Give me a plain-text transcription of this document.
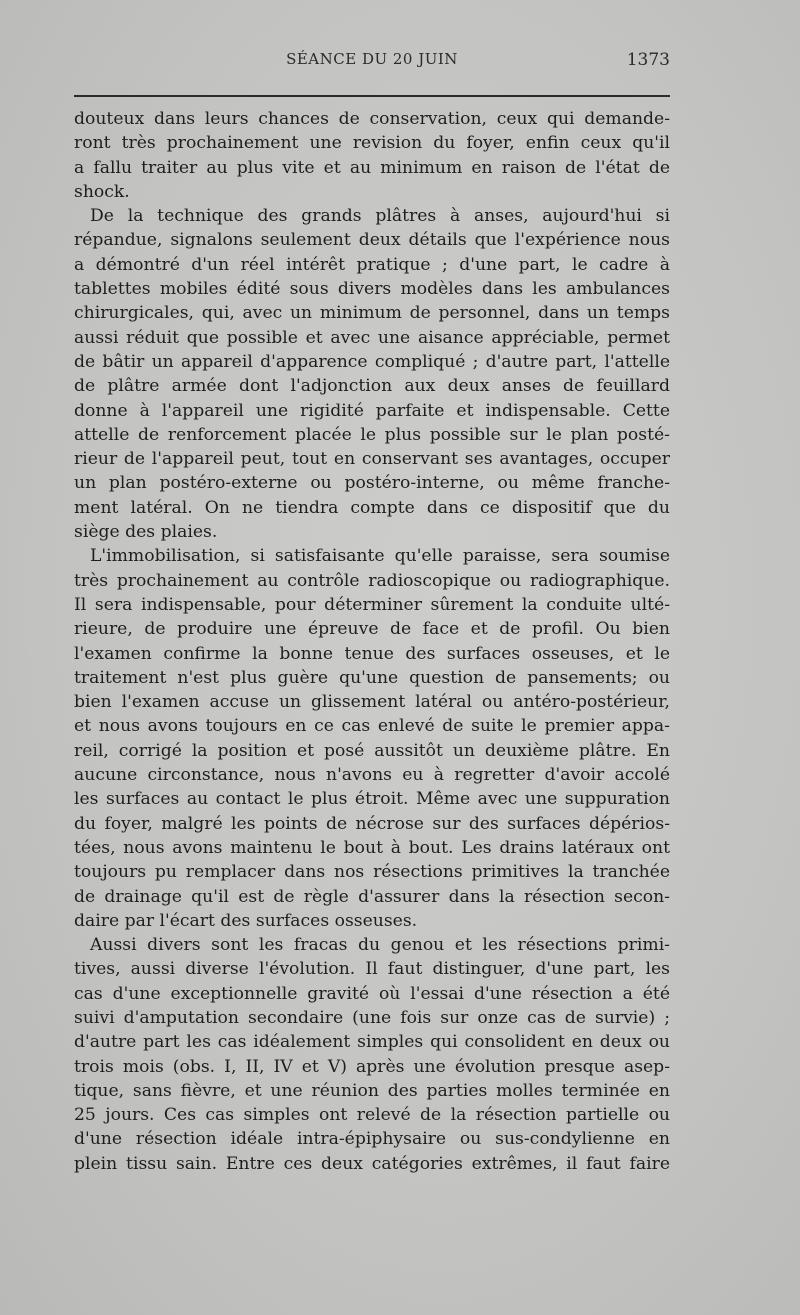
SÉANCE DU 20 JUIN	1373
douteux dans leurs chances de conservation, ceux qui demande-
ront très prochainement une revision du foyer, enfin ceux qu'il
a fallu traiter au plus vite et au minimum en raison de l'état de
shock.
De la technique des grands plâtres à anses, aujourd'hui si
répandue, signalons seulement deux détails que l'expérience nous
a démontré d'un réel intérêt pratique ; d'une part, le cadre à
tablettes mobiles édité sous divers modèles dans les ambulances
chirurgicales, qui, avec un minimum de personnel, dans un temps
aussi réduit que possible et avec une aisance appréciable, permet
de bâtir un appareil d'apparence compliqué ; d'autre part, l'attelle
de plâtre armée dont l'adjonction aux deux anses de feuillard
donne à l'appareil une rigidité parfaite et indispensable. Cette
attelle de renforcement placée le plus possible sur le plan posté-
rieur de l'appareil peut, tout en conservant ses avantages, occuper
un plan postéro-externe ou postéro-interne, ou même franche-
ment latéral. On ne tiendra compte dans ce dispositif que du
siège des plaies.
L'immobilisation, si satisfaisante qu'elle paraisse, sera soumise
très prochainement au contrôle radioscopique ou radiographique.
Il sera indispensable, pour déterminer sûrement la conduite ulté-
rieure, de produire une épreuve de face et de profil. Ou bien
l'examen confirme la bonne tenue des surfaces osseuses, et le
traitement n'est plus guère qu'une question de pansements; ou
bien l'examen accuse un glissement latéral ou antéro-postérieur,
et nous avons toujours en ce cas enlevé de suite le premier appa-
reil, corrigé la position et posé aussitôt un deuxième plâtre. En
aucune circonstance, nous n'avons eu à regretter d'avoir accolé
les surfaces au contact le plus étroit. Même avec une suppuration
du foyer, malgré les points de nécrose sur des surfaces dépérios-
tées, nous avons maintenu le bout à bout. Les drains latéraux ont
toujours pu remplacer dans nos résections primitives la tranchée
de drainage qu'il est de règle d'assurer dans la résection secon-
daire par l'écart des surfaces osseuses.
Aussi divers sont les fracas du genou et les résections primi-
tives, aussi diverse l'évolution. Il faut distinguer, d'une part, les
cas d'une exceptionnelle gravité où l'essai d'une résection a été
suivi d'amputation secondaire (une fois sur onze cas de survie) ;
d'autre part les cas idéalement simples qui consolident en deux ou
trois mois (obs. I, II, IV et V) après une évolution presque asep-
tique, sans fièvre, et une réunion des parties molles terminée en
25 jours. Ces cas simples ont relevé de la résection partielle ou
d'une résection idéale intra-épiphysaire ou sus-condylienne en
plein tissu sain. Entre ces deux catégories extrêmes, il faut faire
